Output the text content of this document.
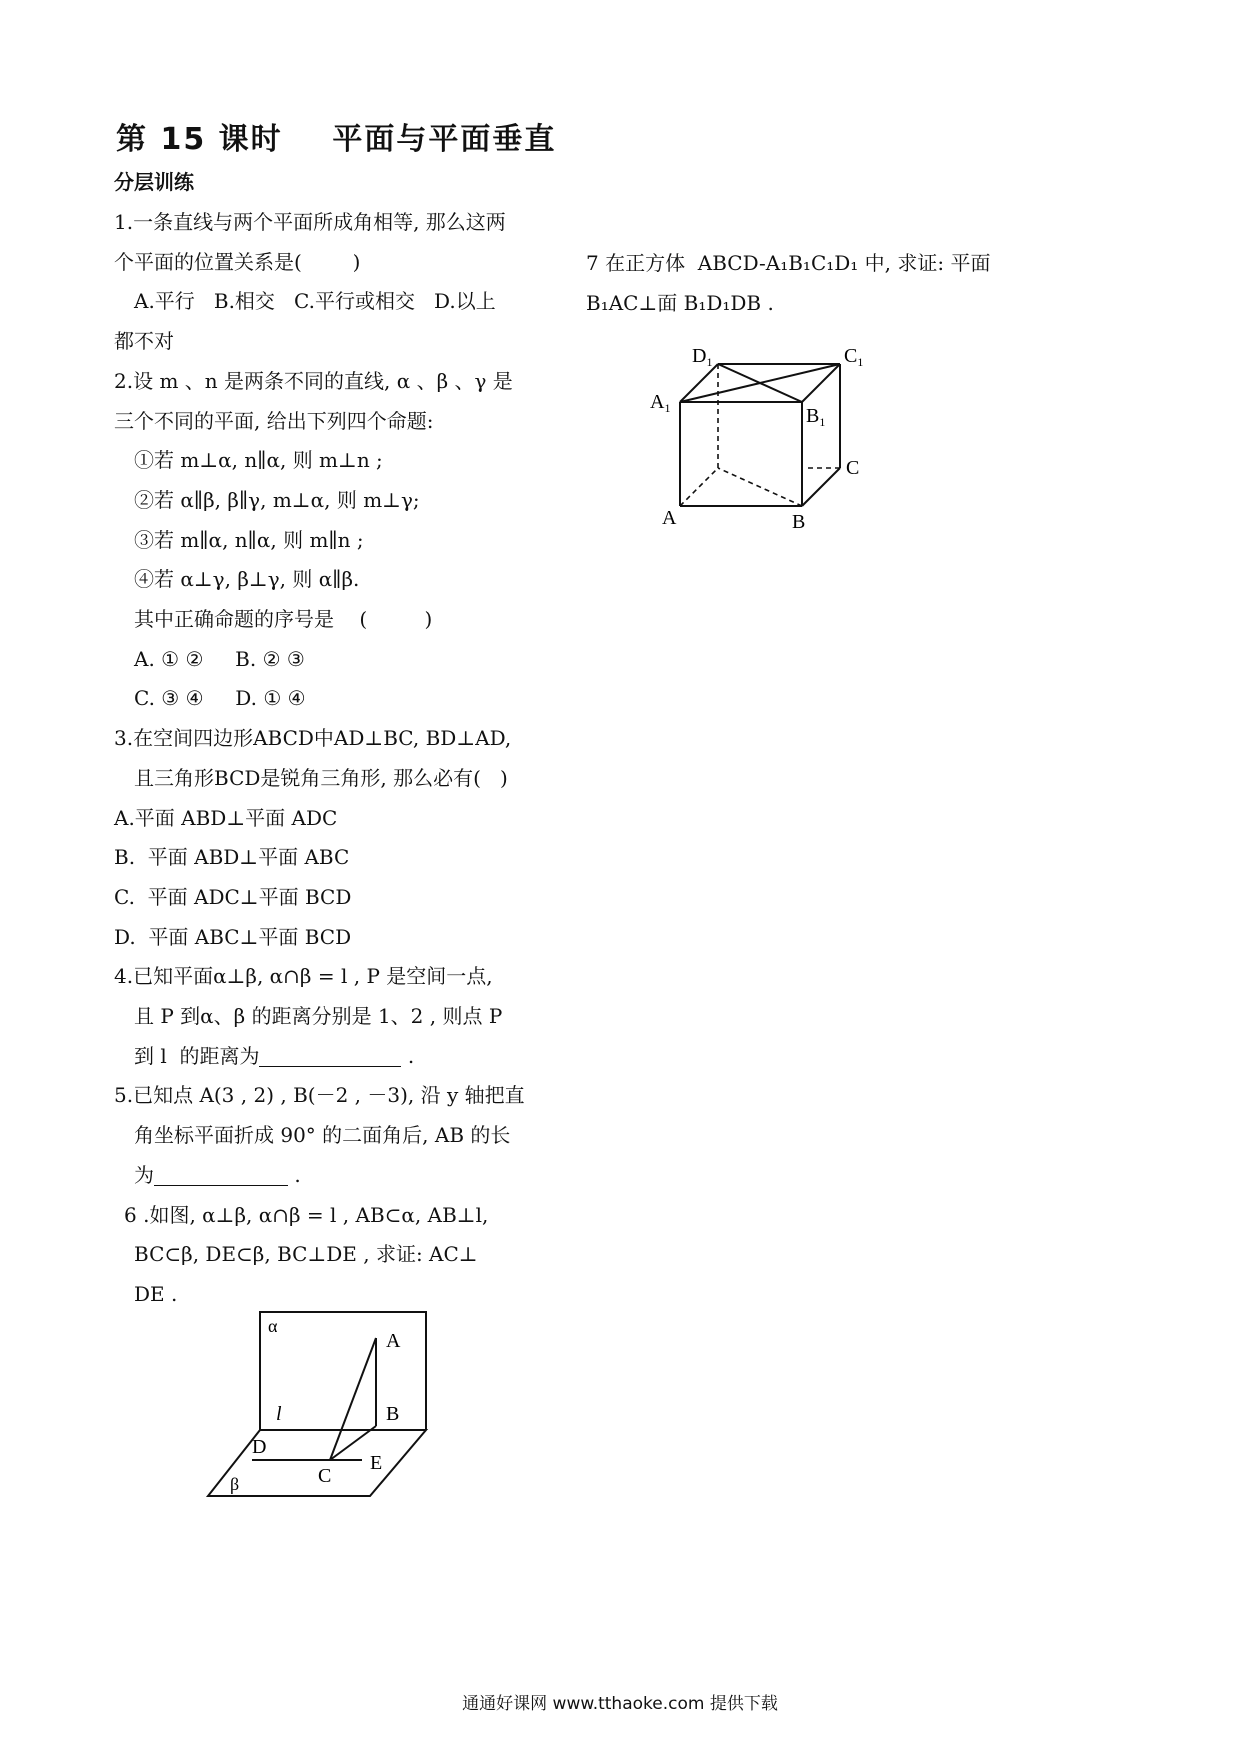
第 15 课时    平面与平面垂直
分层训练
1.一条直线与两个平面所成角相等, 那么这两
个平面的位置关系是(        )
A.平行   B.相交   C.平行或相交   D.以上
都不对
2.设 m 、n 是两条不同的直线, α 、β 、γ 是
三个不同的平面, 给出下列四个命题:
①若 m⊥α, n∥α, 则 m⊥n ;
②若 α∥β, β∥γ, m⊥α, 则 m⊥γ;
③若 m∥α, n∥α, 则 m∥n ;
④若 α⊥γ, β⊥γ, 则 α∥β.
其中正确命题的序号是    (         )
A. ① ②     B. ② ③
C. ③ ④     D. ① ④
3.在空间四边形ABCD中AD⊥BC, BD⊥AD,
且三角形BCD是锐角三角形, 那么必有(   )
A.平面 ABD⊥平面 ADC
B.  平面 ABD⊥平面 ABC
C.  平面 ADC⊥平面 BCD
D.  平面 ABC⊥平面 BCD
4.已知平面α⊥β, α∩β = l , P 是空间一点,
且 P 到α、β 的距离分别是 1、2 , 则点 P
到 l  的距离为	.
5.已知点 A(3 , 2) , B(－2 , －3), 沿 y 轴把直
角坐标平面折成 90° 的二面角后, AB 的长
为	.
6 .如图, α⊥β, α∩β = l , AB⊂α, AB⊥l,
BC⊂β, DE⊂β, BC⊥DE , 求证: AC⊥
DE .
7 在正方体  ABCD-A₁B₁C₁D₁ 中, 求证: 平面
B₁AC⊥面 B₁D₁DB .
α
l
A
B
D
C
E
β
$D_1$	$C_1$
$A_1$	$B_1$
C
A	B
通通好课网 www.tthaoke.com 提供下载
